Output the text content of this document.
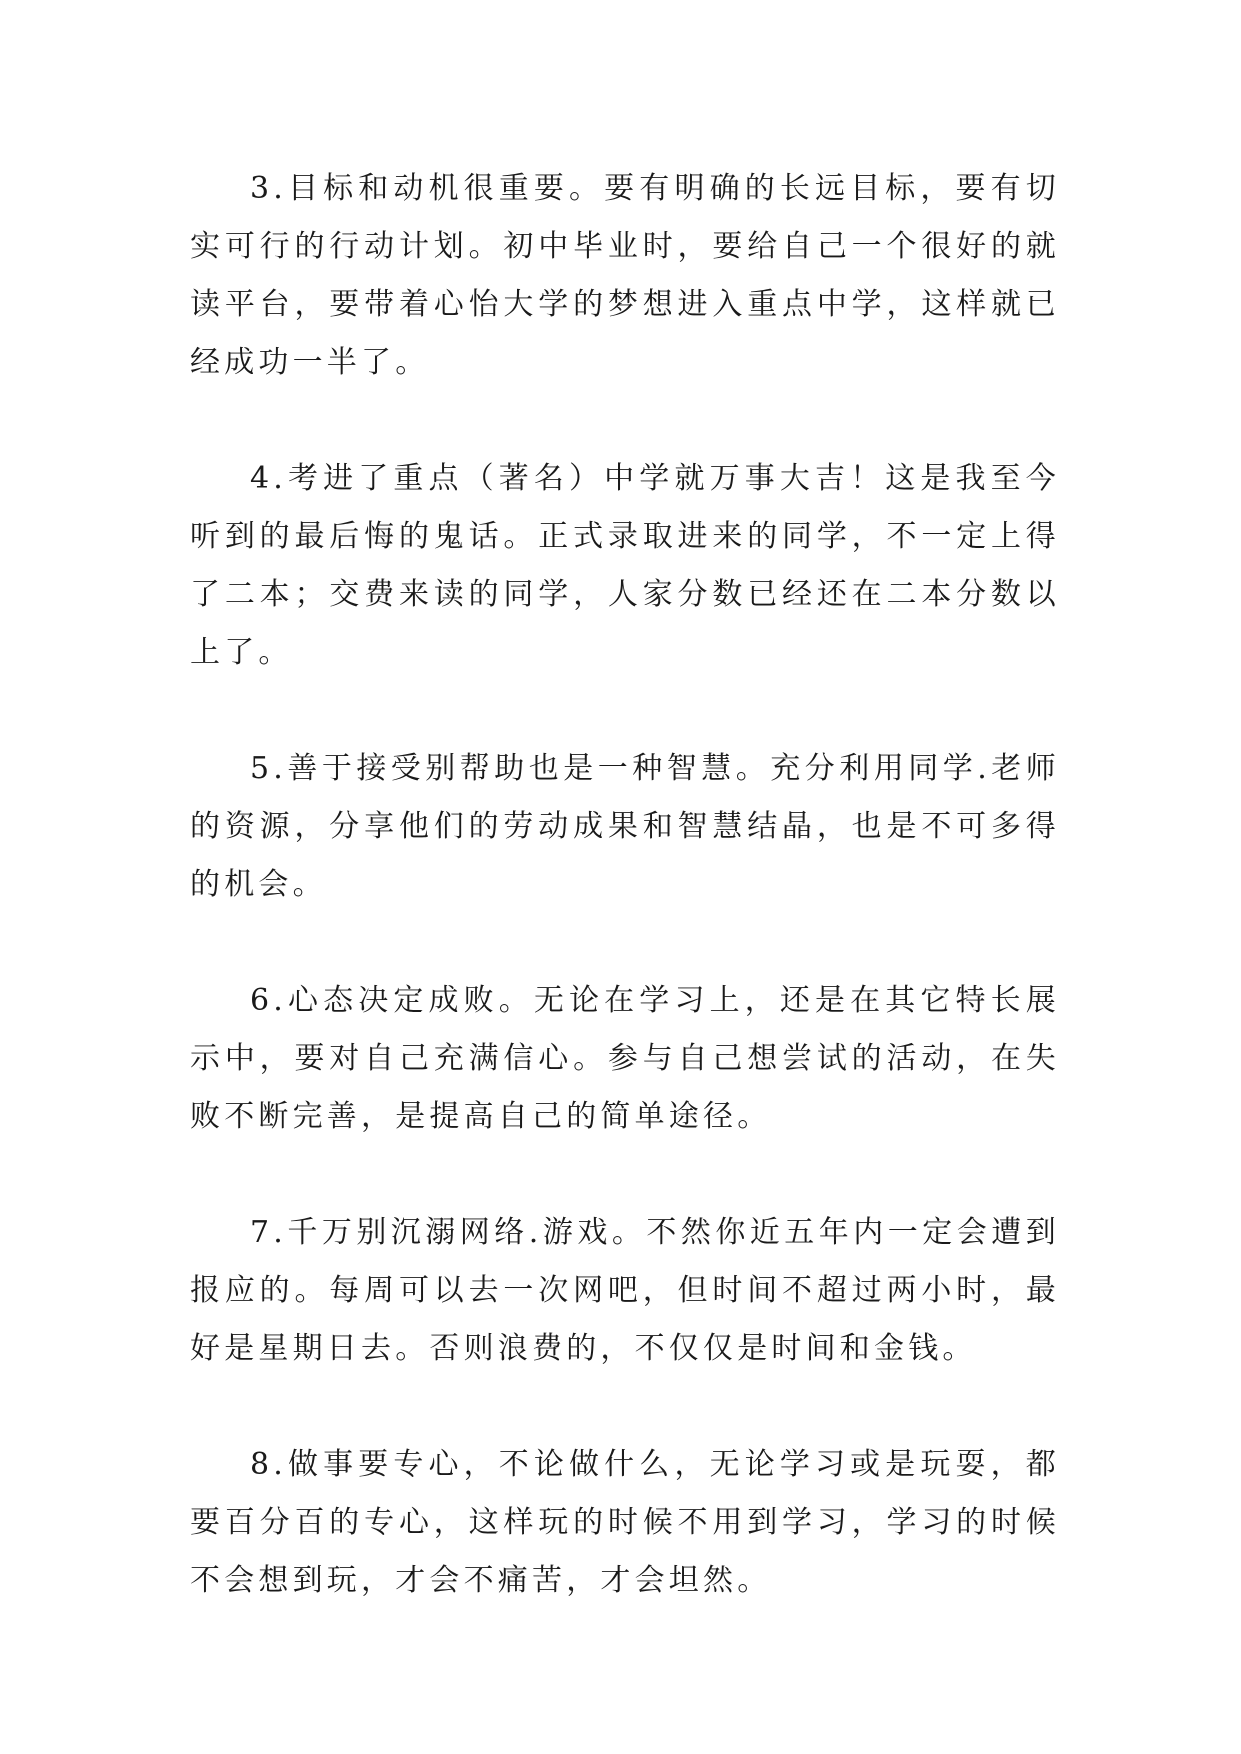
3.目标和动机很重要。要有明确的长远目标，要有切实可行的行动计划。初中毕业时，要给自己一个很好的就读平台，要带着心怡大学的梦想进入重点中学，这样就已经成功一半了。

4.考进了重点（著名）中学就万事大吉！这是我至今听到的最后悔的鬼话。正式录取进来的同学，不一定上得了二本；交费来读的同学，人家分数已经还在二本分数以上了。

5.善于接受别帮助也是一种智慧。充分利用同学.老师的资源，分享他们的劳动成果和智慧结晶，也是不可多得的机会。

6.心态决定成败。无论在学习上，还是在其它特长展示中，要对自己充满信心。参与自己想尝试的活动，在失败不断完善，是提高自己的简单途径。

7.千万别沉溺网络.游戏。不然你近五年内一定会遭到报应的。每周可以去一次网吧，但时间不超过两小时，最好是星期日去。否则浪费的，不仅仅是时间和金钱。

8.做事要专心，不论做什么，无论学习或是玩耍，都要百分百的专心，这样玩的时候不用到学习，学习的时候不会想到玩，才会不痛苦，才会坦然。
